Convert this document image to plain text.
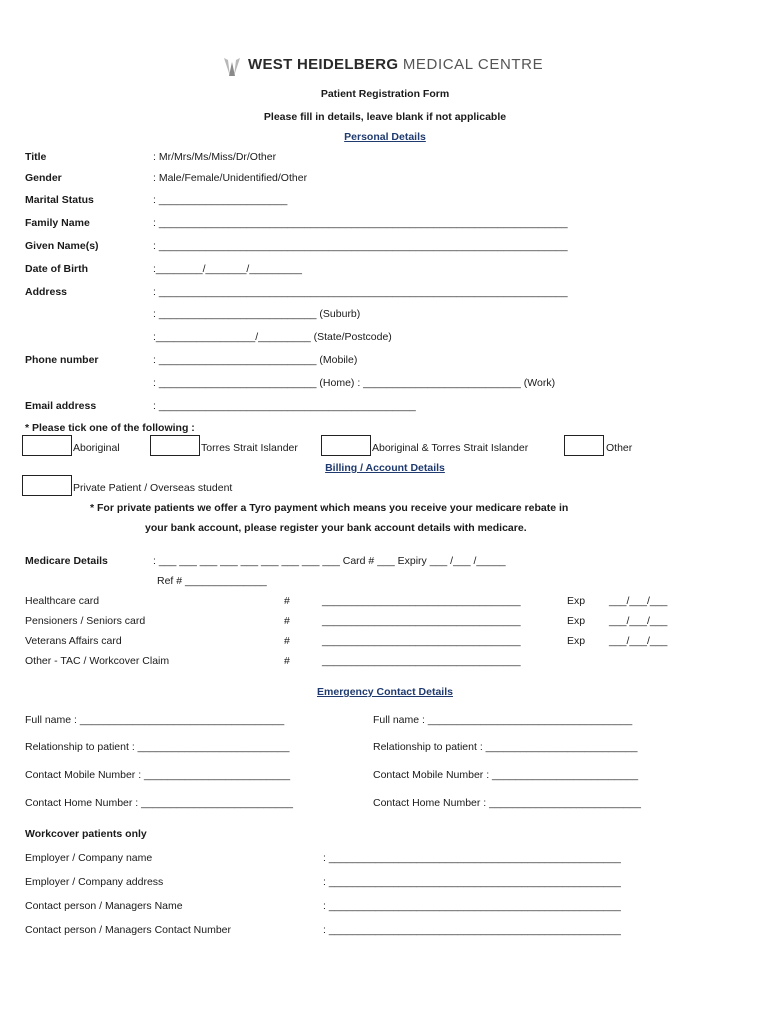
WEST HEIDELBERG MEDICAL CENTRE
Patient Registration Form
Please fill in details, leave blank if not applicable
Personal Details
Title	: Mr/Mrs/Ms/Miss/Dr/Other
Gender	: Male/Female/Unidentified/Other
Marital Status	: ______________________
Family Name	: ______________________________________________________________________
Given Name(s)	: ______________________________________________________________________
Date of Birth	:________/_______/_________
Address	: ______________________________________________________________________
: ___________________________ (Suburb)
:_________________/_________ (State/Postcode)
Phone number	: ___________________________ (Mobile)
: ___________________________ (Home) : ___________________________ (Work)
Email address	: ____________________________________________
* Please tick one of the following :
Aboriginal	Torres Strait Islander	Aboriginal & Torres Strait Islander	Other
Billing / Account Details
Private Patient / Overseas student
* For private patients we offer a Tyro payment which means you receive your medicare rebate in
your bank account, please register your bank account details with medicare.
Medicare Details	: ___ ___ ___ ___ ___ ___ ___ ___ ___ Card # ___ Expiry ___ /___ /_____
Ref # ______________
Healthcare card	#	__________________________________	Exp ___/___/___
Pensioners / Seniors card	#	__________________________________	Exp ___/___/___
Veterans Affairs card	#	__________________________________	Exp ___/___/___
Other - TAC / Workcover Claim	#	__________________________________
Emergency Contact Details
Full name : ___________________________________
Relationship to patient : __________________________
Contact Mobile Number : _________________________
Contact Home Number : __________________________
Full name : ___________________________________
Relationship to patient : __________________________
Contact Mobile Number : _________________________
Contact Home Number : __________________________
Workcover patients only
Employer / Company name	: __________________________________________________
Employer / Company address	: __________________________________________________
Contact person / Managers Name	: __________________________________________________
Contact person / Managers Contact Number	: __________________________________________________
